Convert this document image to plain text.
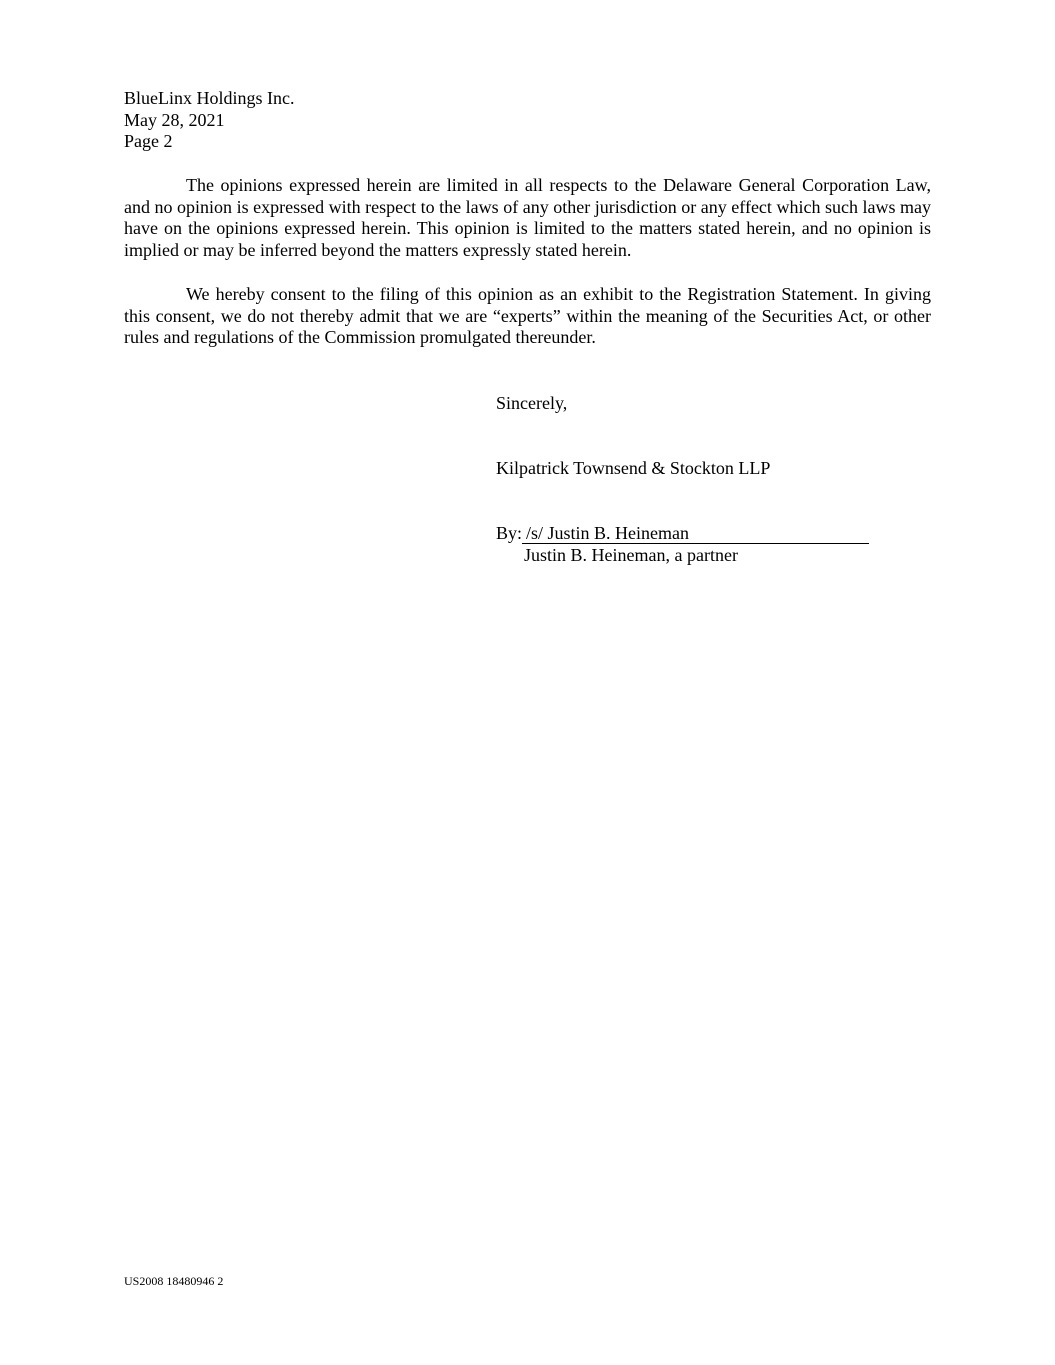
BlueLinx Holdings Inc.
May 28, 2021
Page 2

The opinions expressed herein are limited in all respects to the Delaware General Corporation Law, and no opinion is expressed with respect to the laws of any other jurisdiction or any effect which such laws may have on the opinions expressed herein. This opinion is limited to the matters stated herein, and no opinion is implied or may be inferred beyond the matters expressly stated herein.

We hereby consent to the filing of this opinion as an exhibit to the Registration Statement. In giving this consent, we do not thereby admit that we are “experts” within the meaning of the Securities Act, or other rules and regulations of the Commission promulgated thereunder.

Sincerely,
Kilpatrick Townsend & Stockton LLP
By: /s/ Justin B. Heineman
Justin B. Heineman, a partner
US2008 18480946 2
